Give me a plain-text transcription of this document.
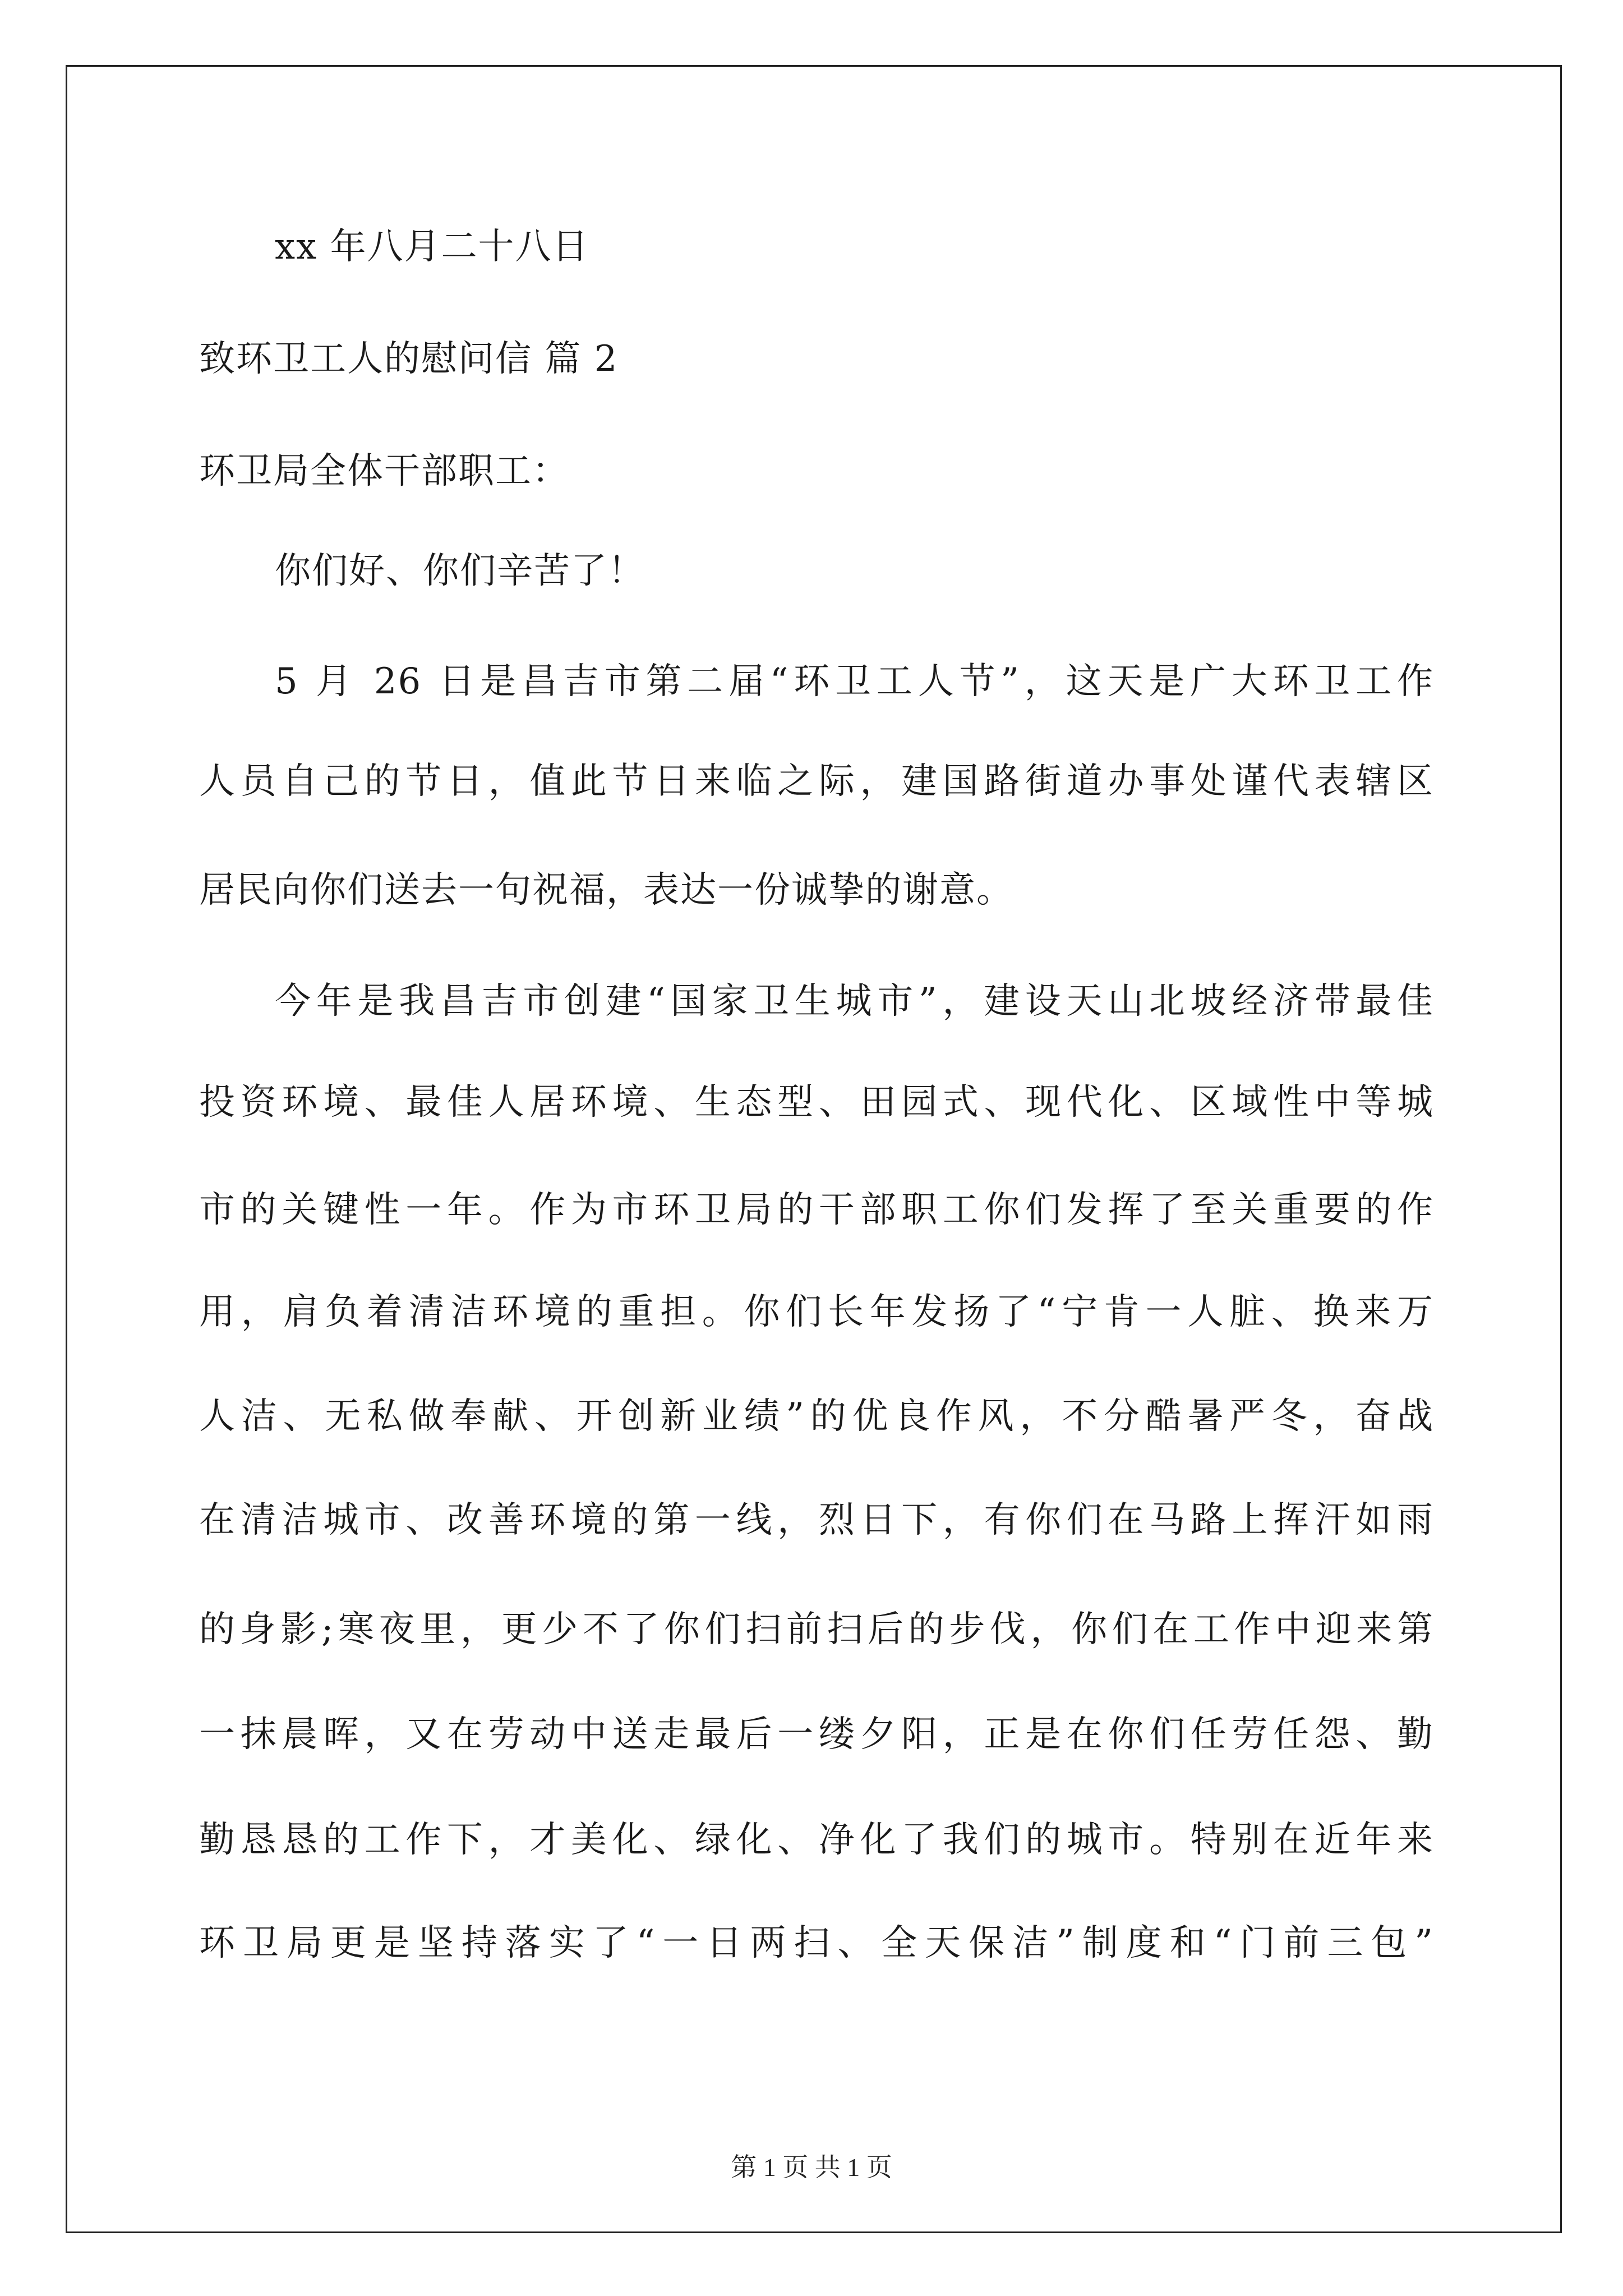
xx 年八月二十八日
致环卫工人的慰问信 篇 2
环卫局全体干部职工：
你们好、你们辛苦了！
5 月 26 日是昌吉市第二届“环卫工人节”，这天是广大环卫工作
人员自己的节日，值此节日来临之际，建国路街道办事处谨代表辖区
居民向你们送去一句祝福，表达一份诚挚的谢意。
今年是我昌吉市创建“国家卫生城市”，建设天山北坡经济带最佳
投资环境、最佳人居环境、生态型、田园式、现代化、区域性中等城
市的关键性一年。作为市环卫局的干部职工你们发挥了至关重要的作
用，肩负着清洁环境的重担。你们长年发扬了“宁肯一人脏、换来万
人洁、无私做奉献、开创新业绩”的优良作风，不分酷暑严冬，奋战
在清洁城市、改善环境的第一线，烈日下，有你们在马路上挥汗如雨
的身影;寒夜里，更少不了你们扫前扫后的步伐，你们在工作中迎来第
一抹晨晖，又在劳动中送走最后一缕夕阳，正是在你们任劳任怨、勤
勤恳恳的工作下，才美化、绿化、净化了我们的城市。特别在近年来
环卫局更是坚持落实了“一日两扫、全天保洁”制度和“门前三包”
第 1 页 共 1 页
